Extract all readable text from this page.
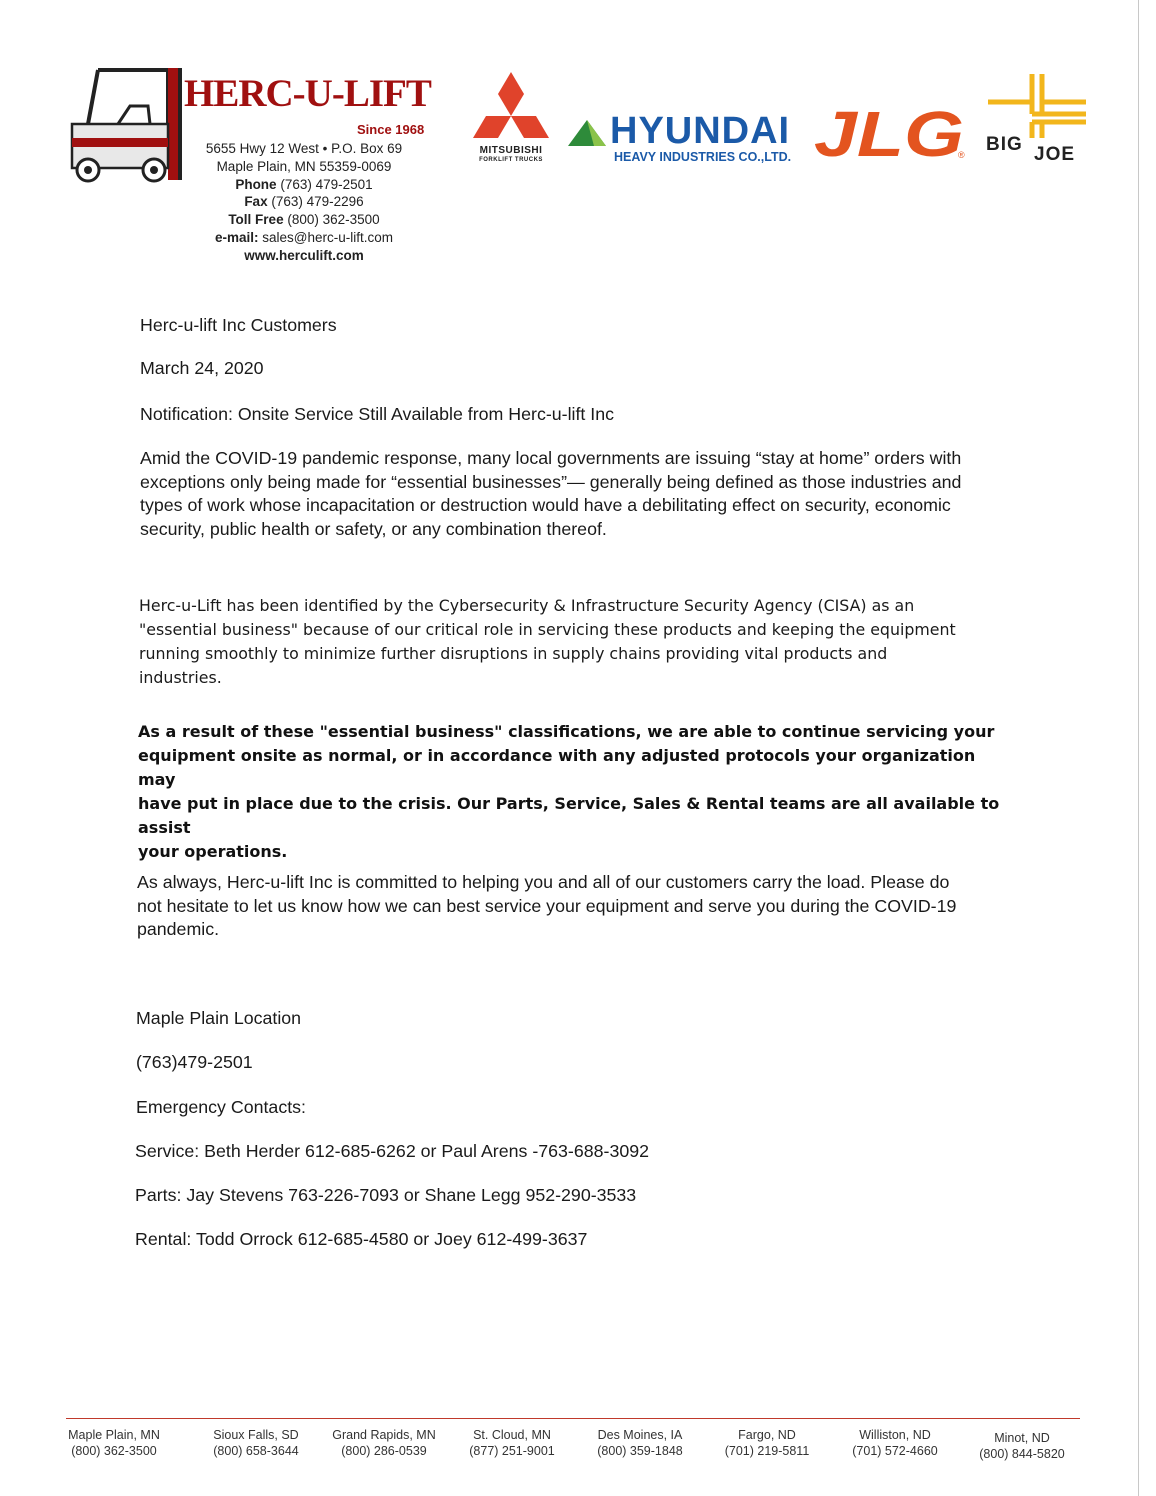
HERC-U-LIFT
Since 1968
5655 Hwy 12 West • P.O. Box 69
Maple Plain, MN 55359-0069
Phone (763) 479-2501
Fax (763) 479-2296
Toll Free (800) 362-3500
e-mail: sales@herc-u-lift.com
www.herculift.com
MITSUBISHI
FORKLIFT TRUCKS
HYUNDAI
HEAVY INDUSTRIES CO.,LTD. JLG
® BIG JOE
Herc-u-lift Inc Customers
March 24, 2020
Notification: Onsite Service Still Available from Herc-u-lift Inc
Amid the COVID-19 pandemic response, many local governments are issuing “stay at home” orders with
exceptions only being made for “essential businesses”— generally being defined as those industries and
types of work whose incapacitation or destruction would have a debilitating effect on security, economic
security, public health or safety, or any combination thereof.
Herc-u-Lift has been identified by the Cybersecurity & Infrastructure Security Agency (CISA) as an
"essential business" because of our critical role in servicing these products and keeping the equipment
running smoothly to minimize further disruptions in supply chains providing vital products and
industries.
As a result of these "essential business" classifications, we are able to continue servicing your
equipment onsite as normal, or in accordance with any adjusted protocols your organization may
have put in place due to the crisis. Our Parts, Service, Sales & Rental teams are all available to assist
your operations.
As always, Herc-u-lift Inc is committed to helping you and all of our customers carry the load. Please do
not hesitate to let us know how we can best service your equipment and serve you during the COVID-19
pandemic.
Maple Plain Location
(763)479-2501
Emergency Contacts:
Service: Beth Herder 612-685-6262 or Paul Arens -763-688-3092
Parts: Jay Stevens 763-226-7093 or Shane Legg 952-290-3533
Rental: Todd Orrock 612-685-4580 or Joey 612-499-3637
Maple Plain, MN
(800) 362-3500
Sioux Falls, SD
(800) 658-3644
Grand Rapids, MN
(800) 286-0539
St. Cloud, MN
(877) 251-9001
Des Moines, IA
(800) 359-1848
Fargo, ND
(701) 219-5811
Williston, ND
(701) 572-4660
Minot, ND
(800) 844-5820
